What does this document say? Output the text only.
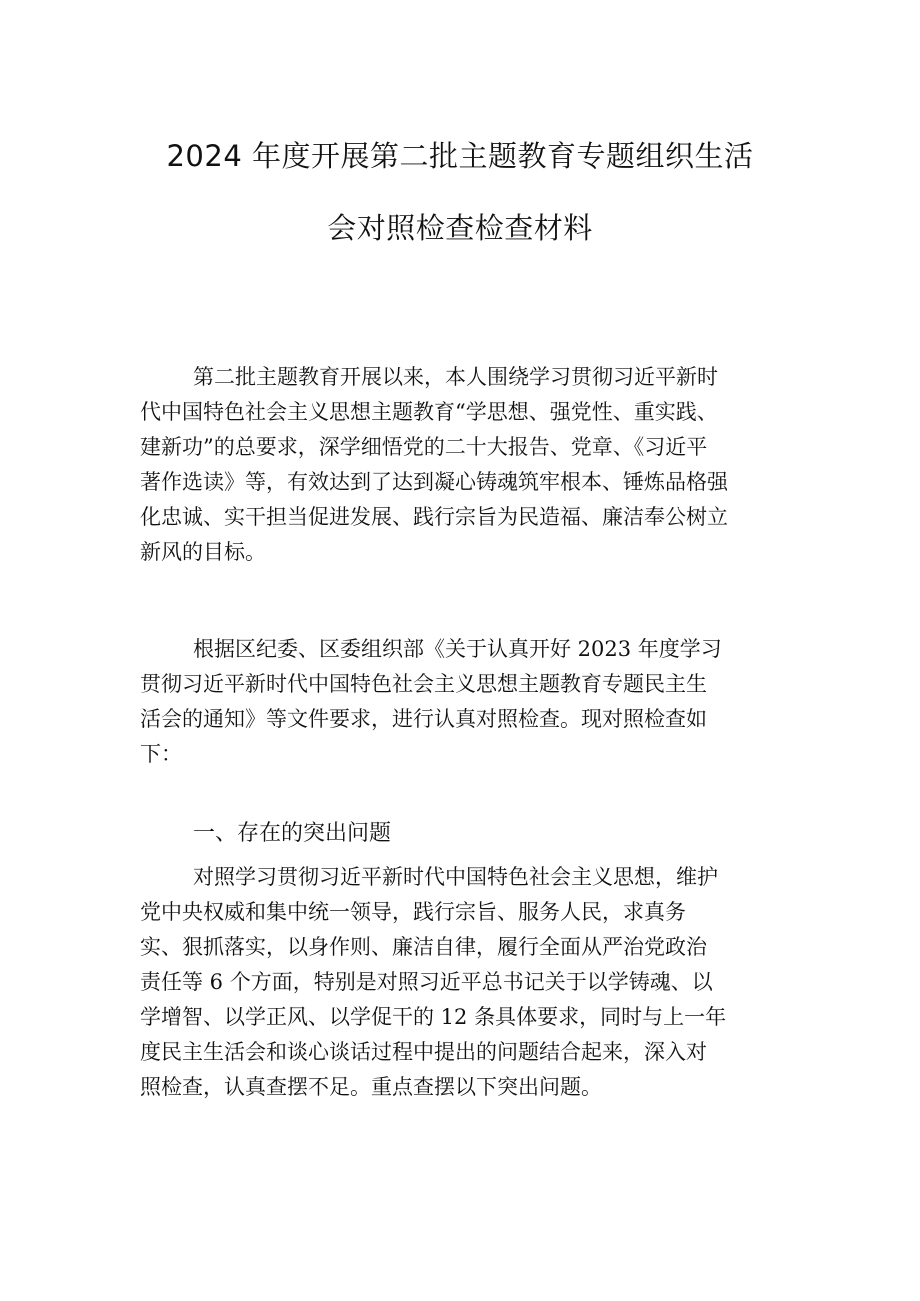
2024 年度开展第二批主题教育专题组织生活
会对照检查检查材料
第二批主题教育开展以来，本人围绕学习贯彻习近平新时
代中国特色社会主义思想主题教育“学思想、强党性、重实践、
建新功”的总要求，深学细悟党的二十大报告、党章、《习近平
著作选读》等，有效达到了达到凝心铸魂筑牢根本、锤炼品格强
化忠诚、实干担当促进发展、践行宗旨为民造福、廉洁奉公树立
新风的目标。
根据区纪委、区委组织部《关于认真开好 2023 年度学习
贯彻习近平新时代中国特色社会主义思想主题教育专题民主生
活会的通知》等文件要求，进行认真对照检查。现对照检查如
下：
一、存在的突出问题
对照学习贯彻习近平新时代中国特色社会主义思想，维护
党中央权威和集中统一领导，践行宗旨、服务人民，求真务
实、狠抓落实，以身作则、廉洁自律，履行全面从严治党政治
责任等 6 个方面，特别是对照习近平总书记关于以学铸魂、以
学增智、以学正风、以学促干的 12 条具体要求，同时与上一年
度民主生活会和谈心谈话过程中提出的问题结合起来，深入对
照检查，认真查摆不足。重点查摆以下突出问题。
